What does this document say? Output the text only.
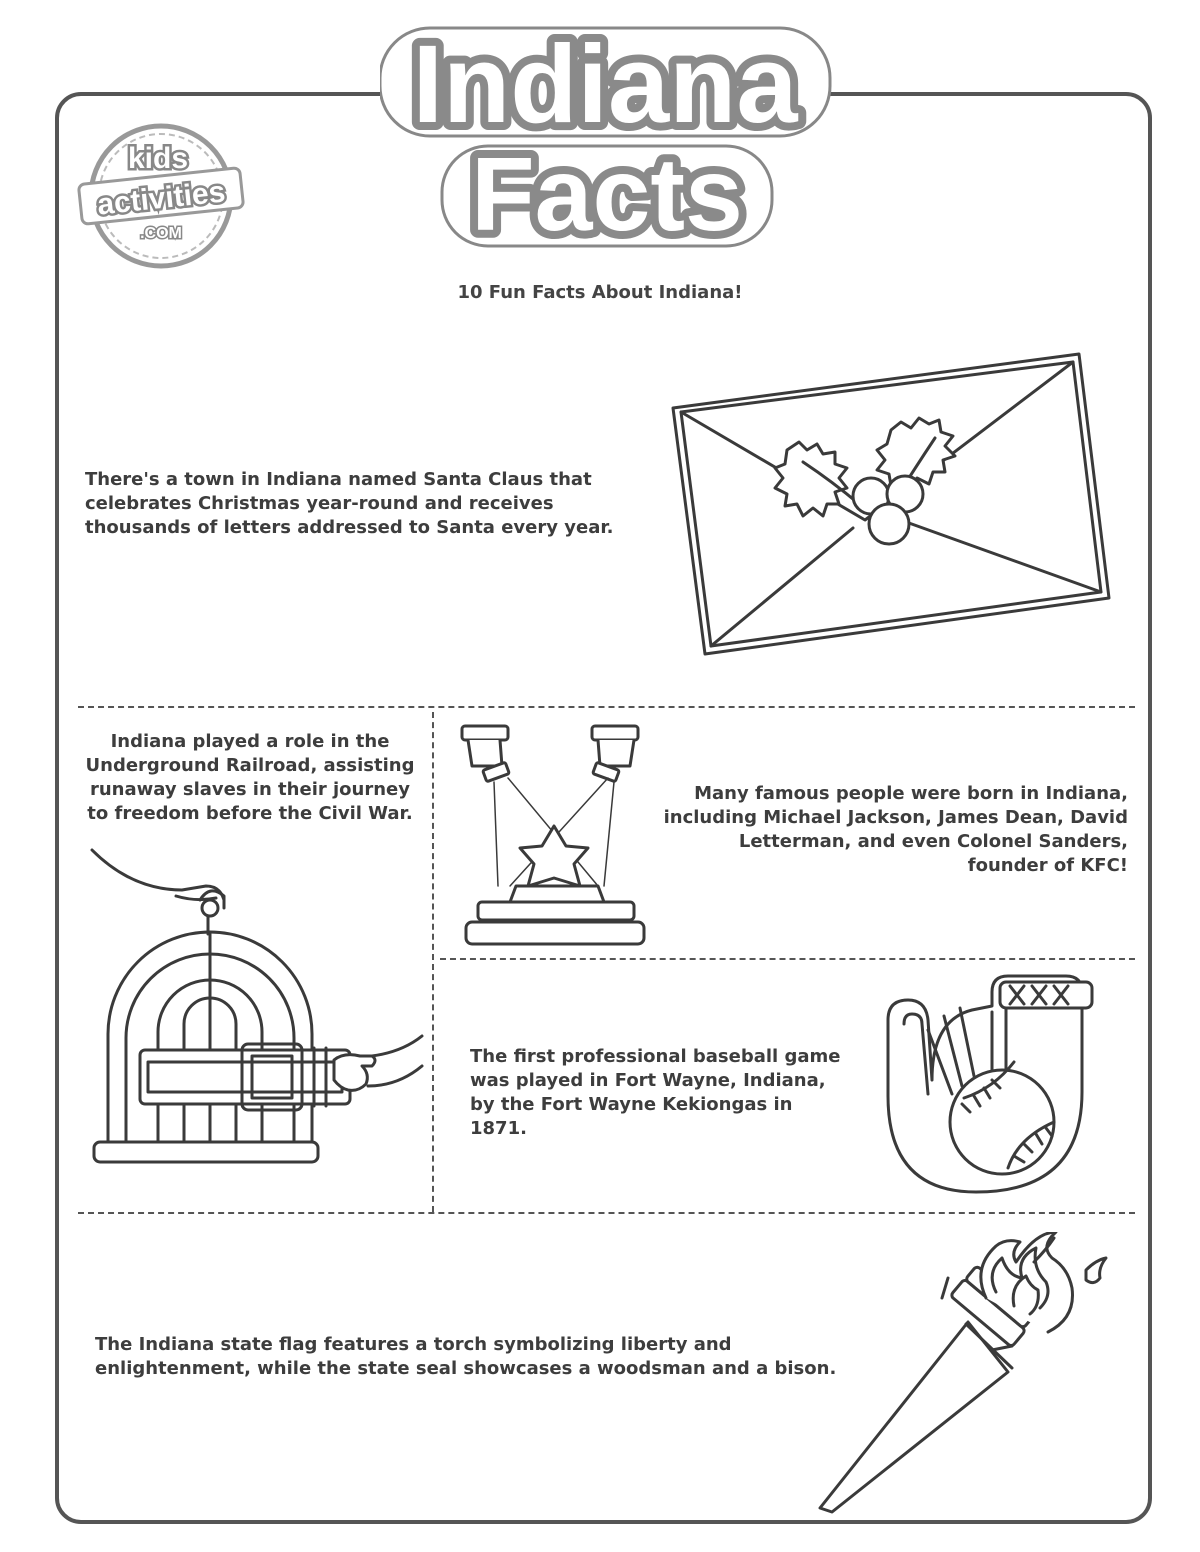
Indiana
Facts
kids
activities
.COM
10 Fun Facts About Indiana!
There's a town in Indiana named Santa Claus that celebrates Christmas year-round and receives thousands of letters addressed to Santa every year.
Indiana played a role in the Underground Railroad, assisting runaway slaves in their journey to freedom before the Civil War.
Many famous people were born in Indiana, including Michael Jackson, James Dean, David Letterman, and even Colonel Sanders, founder of KFC!
The first professional baseball game was played in Fort Wayne, Indiana, by the Fort Wayne Kekiongas in 1871.
The Indiana state flag features a torch symbolizing liberty and enlightenment, while the state seal showcases a woodsman and a bison.
